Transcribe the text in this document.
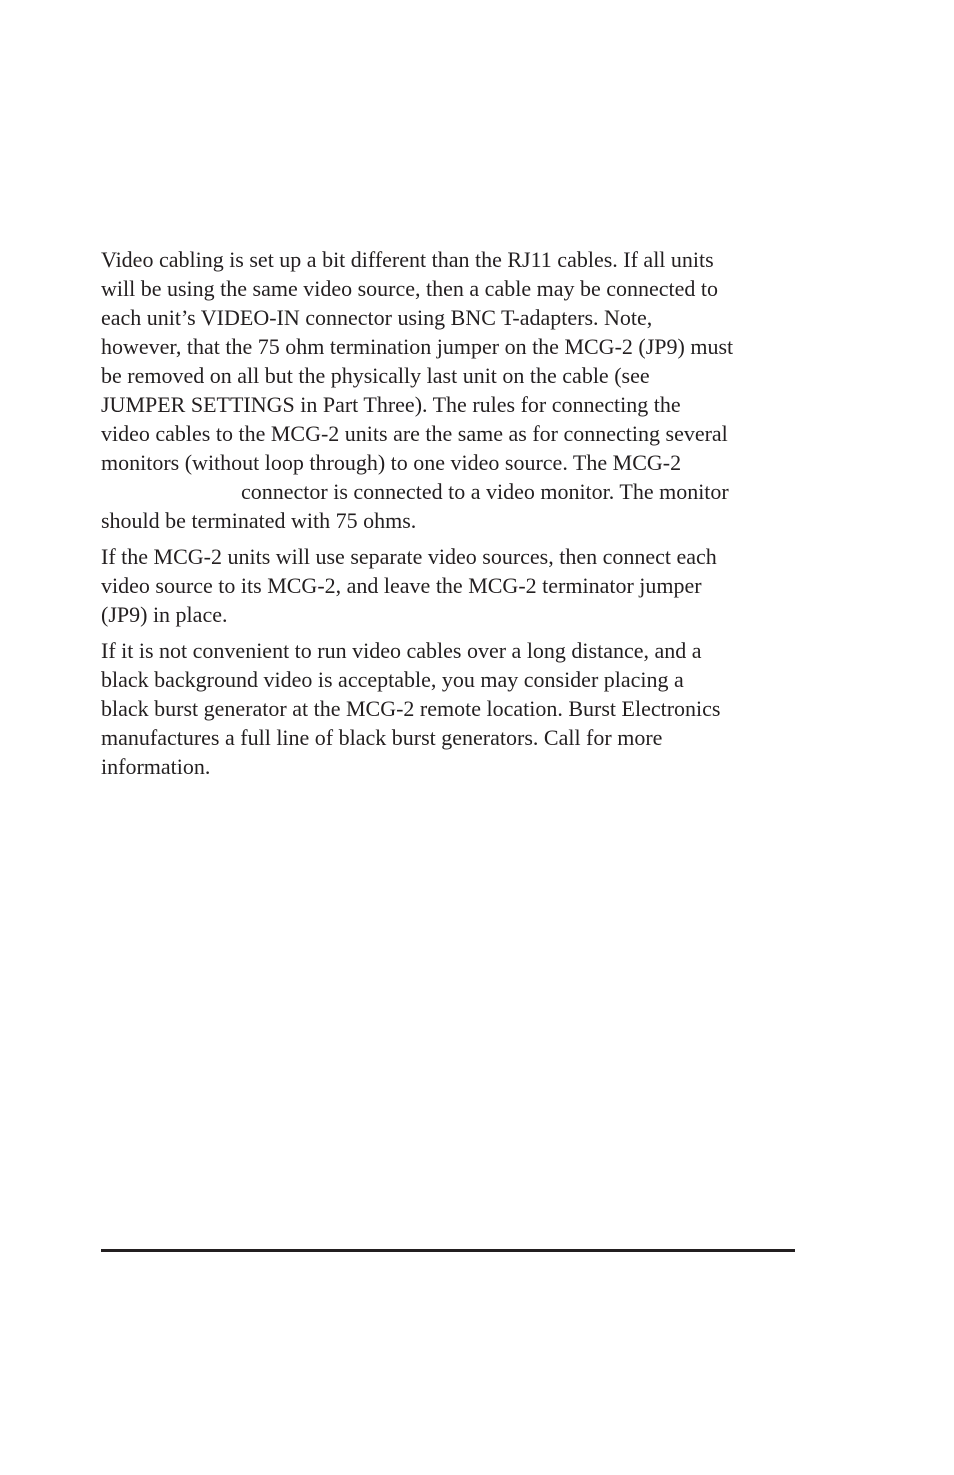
Video cabling is set up a bit different than the RJ11 cables. If all units
will be using the same video source, then a cable may be connected to
each unit’s VIDEO-IN connector using BNC T-adapters. Note,
however, that the 75 ohm termination jumper on the MCG-2 (JP9) must
be removed on all but the physically last unit on the cable (see
JUMPER SETTINGS in Part Three). The rules for connecting the
video cables to the MCG-2 units are the same as for connecting several
monitors (without loop through) to one video source. The MCG-2
connector is connected to a video monitor. The monitor
should be terminated with 75 ohms.

If the MCG-2 units will use separate video sources, then connect each
video source to its MCG-2, and leave the MCG-2 terminator jumper
(JP9) in place.

If it is not convenient to run video cables over a long distance, and a
black background video is acceptable, you may consider placing a
black burst generator at the MCG-2 remote location. Burst Electronics
manufactures a full line of black burst generators. Call for more
information.
